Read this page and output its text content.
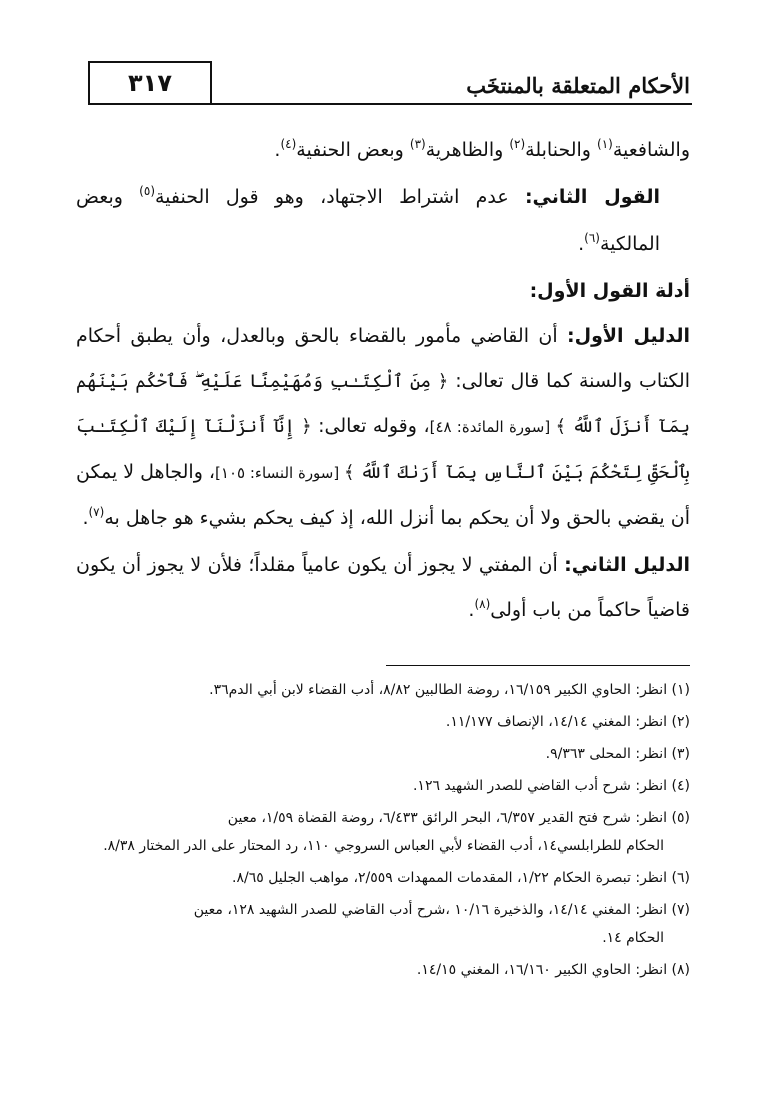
٣١٧	الأحكام المتعلقة بالمنتخَب

والشافعية$^{(١)}$ والحنابلة$^{(٢)}$ والظاهرية$^{(٣)}$ وبعض الحنفية$^{(٤)}$.

القول الثاني: عدم اشتراط الاجتهاد، وهو قول الحنفية$^{(٥)}$ وبعض المالكية$^{(٦)}$.

أدلة القول الأول:

الدليل الأول: أن القاضي مأمور بالقضاء بالحق وبالعدل، وأن يطبق أحكام الكتاب والسنة كما قال تعالى: ﴿ مِنَ ٱلْكِتَـٰبِ وَمُهَيْمِنًا عَلَيْهِ ۖ فَٱحْكُم بَيْنَهُم بِمَآ أَنزَلَ ٱللَّهُ ﴾ [سورة المائدة: ٤٨]، وقوله تعالى: ﴿ إِنَّآ أَنزَلْنَآ إِلَيْكَ ٱلْكِتَـٰبَ بِٱلْحَقِّ لِتَحْكُمَ بَيْنَ ٱلنَّاسِ بِمَآ أَرَىٰكَ ٱللَّهُ ﴾ [سورة النساء: ١٠٥]، والجاهل لا يمكن أن يقضي بالحق ولا أن يحكم بما أنزل الله، إذ كيف يحكم بشيء هو جاهل به$^{(٧)}$.

الدليل الثاني: أن المفتي لا يجوز أن يكون عامياً مقلداً؛ فلأن لا يجوز أن يكون قاضياً حاكماً من باب أولى$^{(٨)}$.

(١) انظر: الحاوي الكبير ١٦/١٥٩، روضة الطالبين ٨/٨٢، أدب القضاء لابن أبي الدم٣٦.

(٢) انظر: المغني ١٤/١٤، الإنصاف ١١/١٧٧.

(٣) انظر: المحلى ٩/٣٦٣.

(٤) انظر: شرح أدب القاضي للصدر الشهيد ١٢٦.

(٥) انظر: شرح فتح القدير ٦/٣٥٧، البحر الرائق ٦/٤٣٣، روضة القضاة ١/٥٩، معين
الحكام للطرابلسي١٤، أدب القضاء لأبي العباس السروجي ١١٠، رد المحتار على الدر المختار ٨/٣٨.

(٦) انظر: تبصرة الحكام ١/٢٢، المقدمات الممهدات ٢/٥٥٩، مواهب الجليل ٨/٦٥.

(٧) انظر: المغني ١٤/١٤، والذخيرة ١٠/١٦ ،شرح أدب القاضي للصدر الشهيد ١٢٨، معين
الحكام ١٤.

(٨) انظر: الحاوي الكبير ١٦/١٦٠، المغني ١٤/١٥.
